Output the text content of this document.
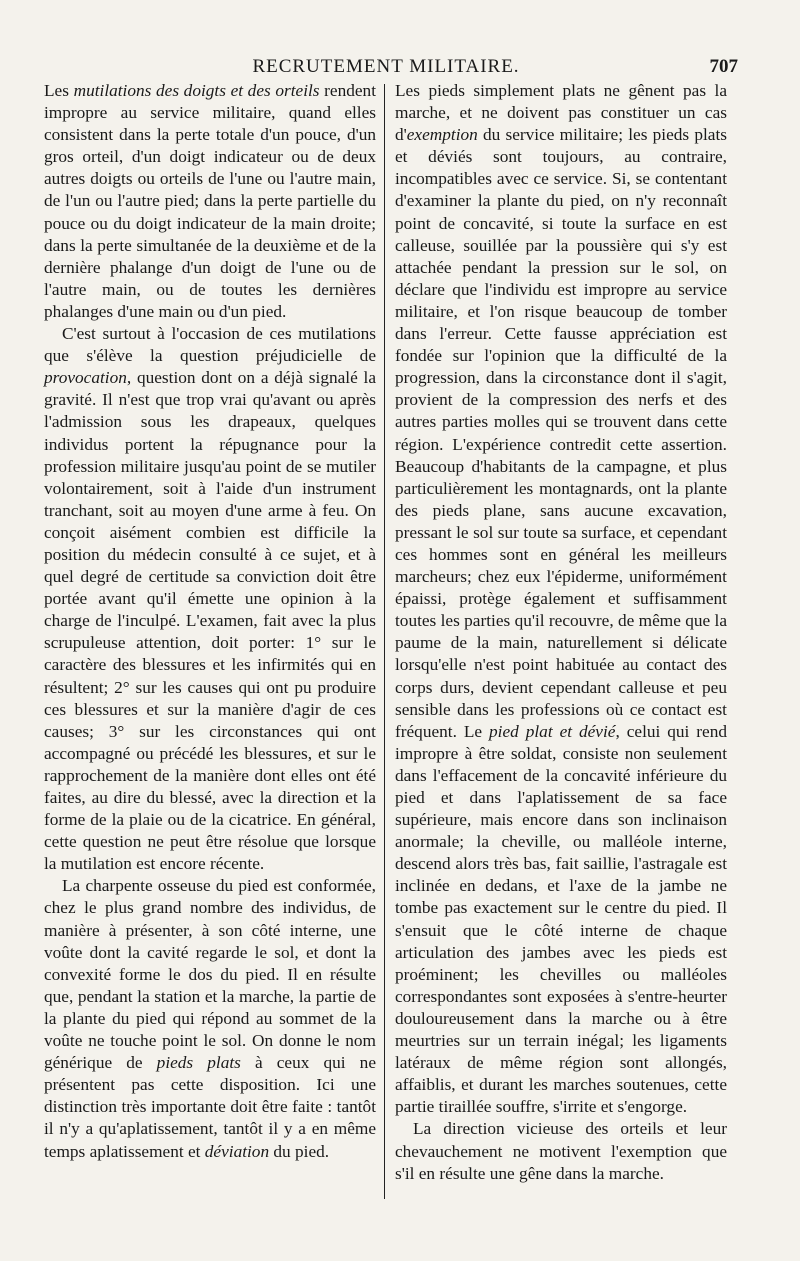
RECRUTEMENT MILITAIRE.	707

Les mutilations des doigts et des orteils rendent impropre au service militaire, quand elles consistent dans la perte totale d'un pouce, d'un gros orteil, d'un doigt indicateur ou de deux autres doigts ou orteils de l'une ou l'autre main, de l'un ou l'autre pied; dans la perte partielle du pouce ou du doigt indicateur de la main droite; dans la perte simultanée de la deuxième et de la dernière phalange d'un doigt de l'une ou de l'autre main, ou de toutes les dernières phalanges d'une main ou d'un pied.

C'est surtout à l'occasion de ces mutilations que s'élève la question préjudicielle de provocation, question dont on a déjà signalé la gravité. Il n'est que trop vrai qu'avant ou après l'admission sous les drapeaux, quelques individus portent la répugnance pour la profession militaire jusqu'au point de se mutiler volontairement, soit à l'aide d'un instrument tranchant, soit au moyen d'une arme à feu. On conçoit aisément combien est difficile la position du médecin consulté à ce sujet, et à quel degré de certitude sa conviction doit être portée avant qu'il émette une opinion à la charge de l'inculpé. L'examen, fait avec la plus scrupuleuse attention, doit porter: 1° sur le caractère des blessures et les infirmités qui en résultent; 2° sur les causes qui ont pu produire ces blessures et sur la manière d'agir de ces causes; 3° sur les circonstances qui ont accompagné ou précédé les blessures, et sur le rapprochement de la manière dont elles ont été faites, au dire du blessé, avec la direction et la forme de la plaie ou de la cicatrice. En général, cette question ne peut être résolue que lorsque la mutilation est encore récente.

La charpente osseuse du pied est conformée, chez le plus grand nombre des individus, de manière à présenter, à son côté interne, une voûte dont la cavité regarde le sol, et dont la convexité forme le dos du pied. Il en résulte que, pendant la station et la marche, la partie de la plante du pied qui répond au sommet de la voûte ne touche point le sol. On donne le nom générique de pieds plats à ceux qui ne présentent pas cette disposition. Ici une distinction très importante doit être faite : tantôt il n'y a qu'aplatissement, tantôt il y a en même temps aplatissement et déviation du pied.

Les pieds simplement plats ne gênent pas la marche, et ne doivent pas constituer un cas d'exemption du service militaire; les pieds plats et déviés sont toujours, au contraire, incompatibles avec ce service. Si, se contentant d'examiner la plante du pied, on n'y reconnaît point de concavité, si toute la surface en est calleuse, souillée par la poussière qui s'y est attachée pendant la pression sur le sol, on déclare que l'individu est impropre au service militaire, et l'on risque beaucoup de tomber dans l'erreur. Cette fausse appréciation est fondée sur l'opinion que la difficulté de la progression, dans la circonstance dont il s'agit, provient de la compression des nerfs et des autres parties molles qui se trouvent dans cette région. L'expérience contredit cette assertion. Beaucoup d'habitants de la campagne, et plus particulièrement les montagnards, ont la plante des pieds plane, sans aucune excavation, pressant le sol sur toute sa surface, et cependant ces hommes sont en général les meilleurs marcheurs; chez eux l'épiderme, uniformément épaissi, protège également et suffisamment toutes les parties qu'il recouvre, de même que la paume de la main, naturellement si délicate lorsqu'elle n'est point habituée au contact des corps durs, devient cependant calleuse et peu sensible dans les professions où ce contact est fréquent. Le pied plat et dévié, celui qui rend impropre à être soldat, consiste non seulement dans l'effacement de la concavité inférieure du pied et dans l'aplatissement de sa face supérieure, mais encore dans son inclinaison anormale; la cheville, ou malléole interne, descend alors très bas, fait saillie, l'astragale est inclinée en dedans, et l'axe de la jambe ne tombe pas exactement sur le centre du pied. Il s'ensuit que le côté interne de chaque articulation des jambes avec les pieds est proéminent; les chevilles ou malléoles correspondantes sont exposées à s'entre-heurter douloureusement dans la marche ou à être meurtries sur un terrain inégal; les ligaments latéraux de même région sont allongés, affaiblis, et durant les marches soutenues, cette partie tiraillée souffre, s'irrite et s'engorge.

La direction vicieuse des orteils et leur chevauchement ne motivent l'exemption que s'il en résulte une gêne dans la marche.
